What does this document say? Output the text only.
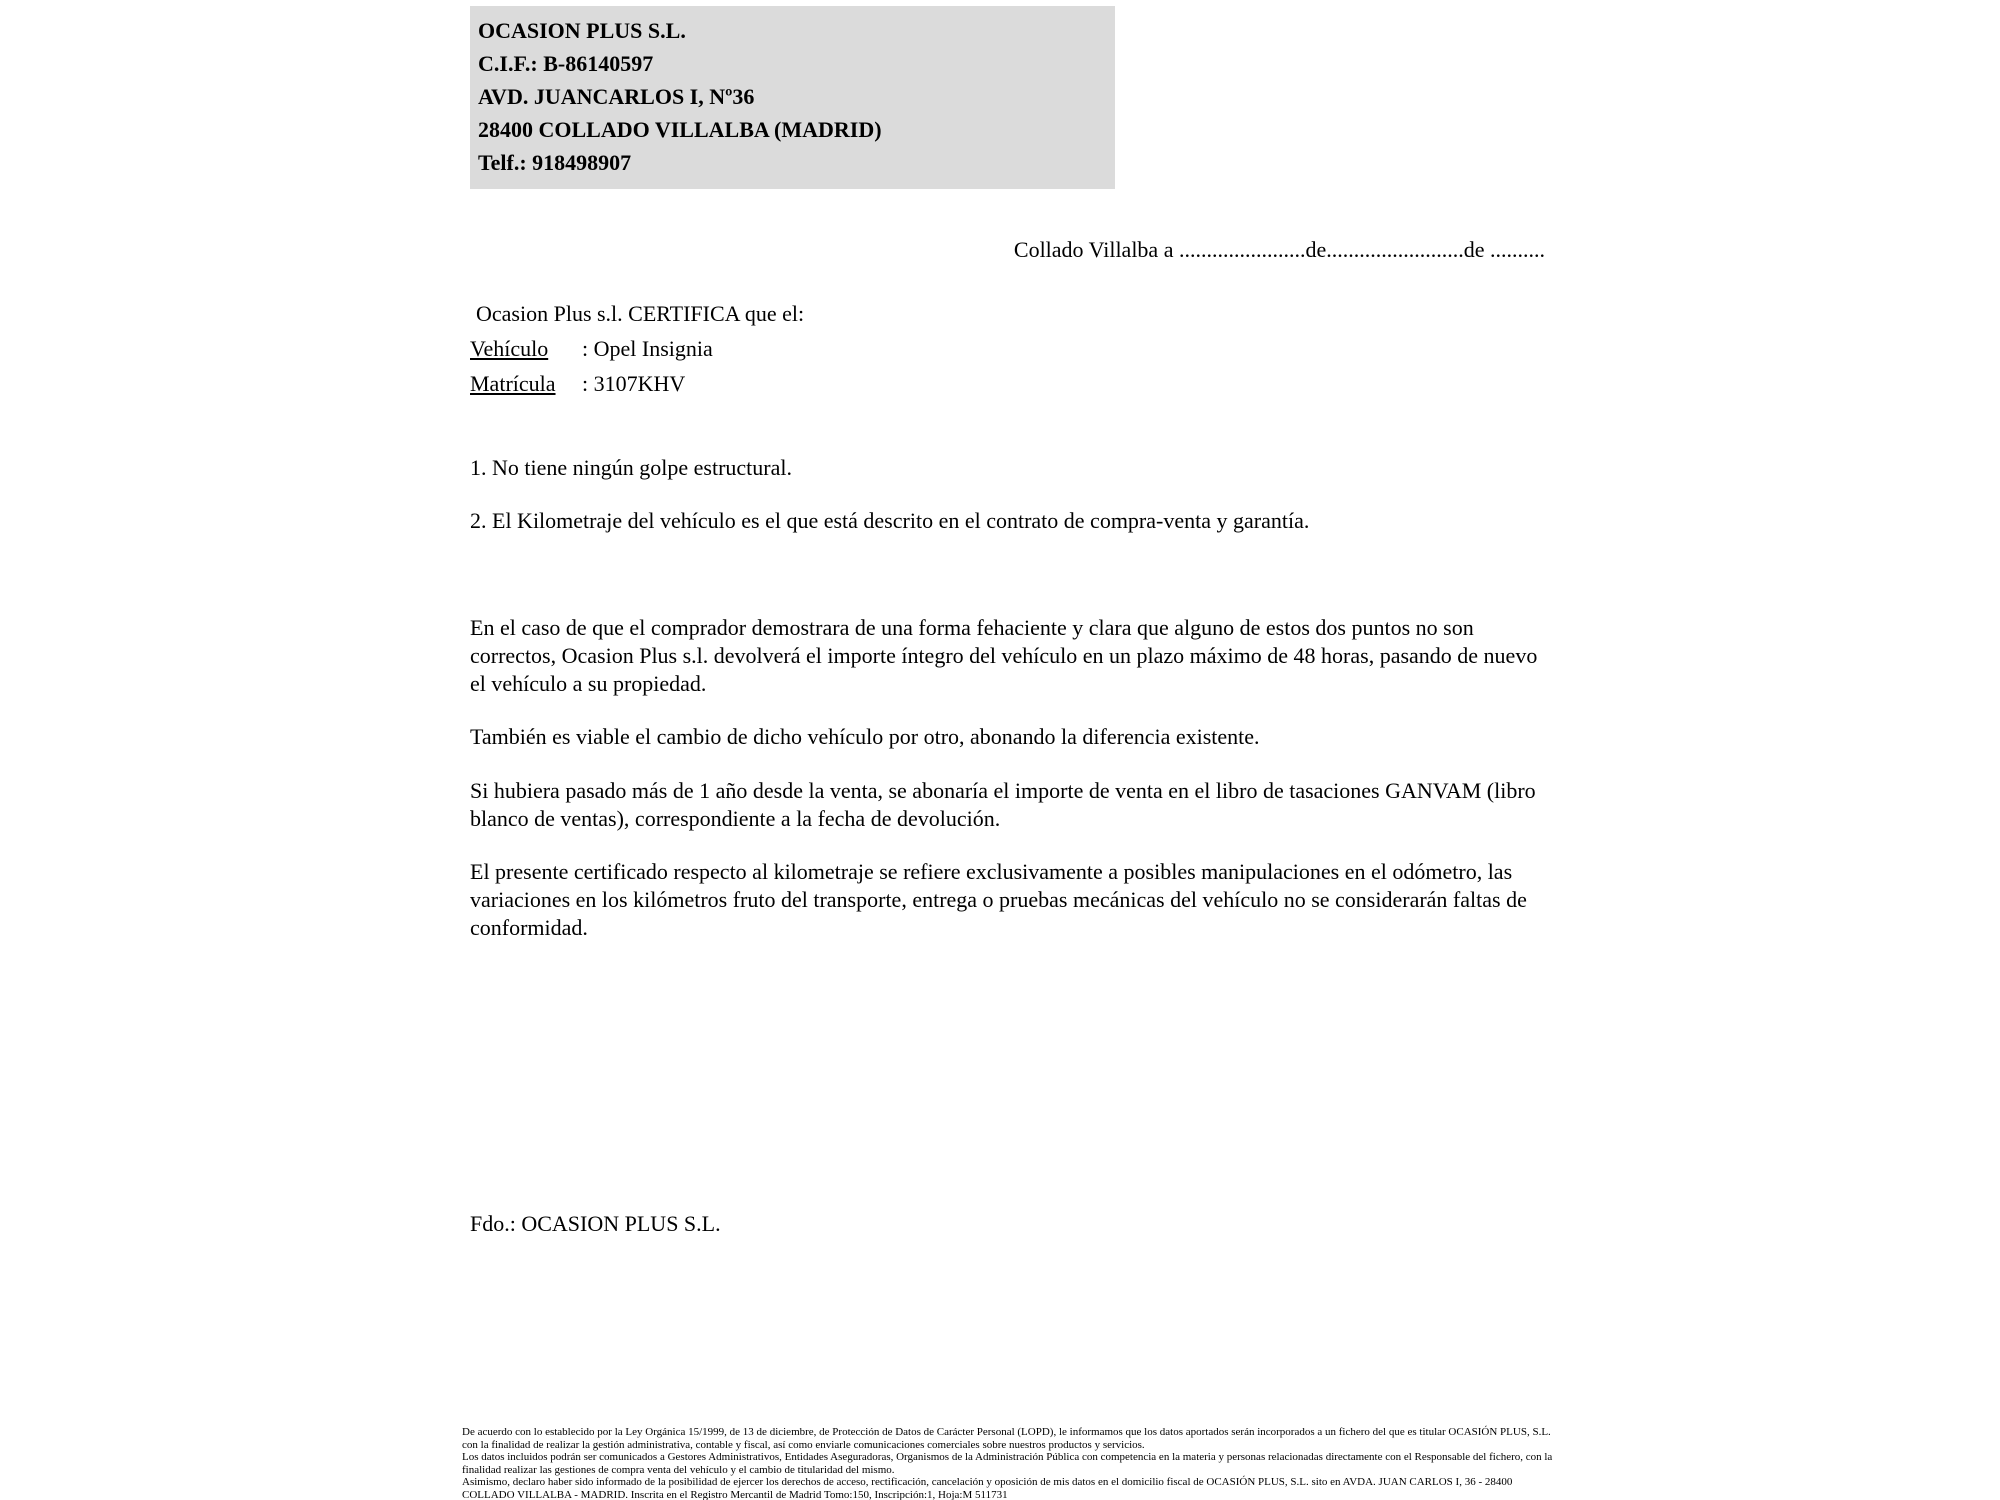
OCASION PLUS S.L.
C.I.F.: B-86140597
AVD. JUANCARLOS I, Nº36
28400 COLLADO VILLALBA (MADRID)
Telf.: 918498907
Collado Villalba a .......................de.........................de ..........
Ocasion Plus s.l. CERTIFICA que el:
Vehículo : Opel Insignia
Matrícula : 3107KHV
1. No tiene ningún golpe estructural.
2. El Kilometraje del vehículo es el que está descrito en el contrato de compra-venta y garantía.
En el caso de que el comprador demostrara de una forma fehaciente y clara que alguno de estos dos puntos no son correctos, Ocasion Plus s.l. devolverá el importe íntegro del vehículo en un plazo máximo de 48 horas, pasando de nuevo el vehículo a su propiedad.
También es viable el cambio de dicho vehículo por otro, abonando la diferencia existente.
Si hubiera pasado más de 1 año desde la venta, se abonaría el importe de venta en el libro de tasaciones GANVAM (libro blanco de ventas), correspondiente a la fecha de devolución.
El presente certificado respecto al kilometraje se refiere exclusivamente a posibles manipulaciones en el odómetro, las variaciones en los kilómetros fruto del transporte, entrega o pruebas mecánicas del vehículo no se considerarán faltas de conformidad.
Fdo.: OCASION PLUS S.L.

De acuerdo con lo establecido por la Ley Orgánica 15/1999, de 13 de diciembre, de Protección de Datos de Carácter Personal (LOPD), le informamos que los datos aportados serán incorporados a un fichero del que es titular OCASIÓN PLUS, S.L. con la finalidad de realizar la gestión administrativa, contable y fiscal, así como enviarle comunicaciones comerciales sobre nuestros productos y servicios.

Los datos incluidos podrán ser comunicados a Gestores Administrativos, Entidades Aseguradoras, Organismos de la Administración Pública con competencia en la materia y personas relacionadas directamente con el Responsable del fichero, con la finalidad realizar las gestiones de compra venta del vehículo y el cambio de titularidad del mismo.

Asimismo, declaro haber sido informado de la posibilidad de ejercer los derechos de acceso, rectificación, cancelación y oposición de mis datos en el domicilio fiscal de OCASIÓN PLUS, S.L. sito en AVDA. JUAN CARLOS I, 36 - 28400 COLLADO VILLALBA - MADRID. Inscrita en el Registro Mercantil de Madrid Tomo:150, Inscripción:1, Hoja:M 511731
